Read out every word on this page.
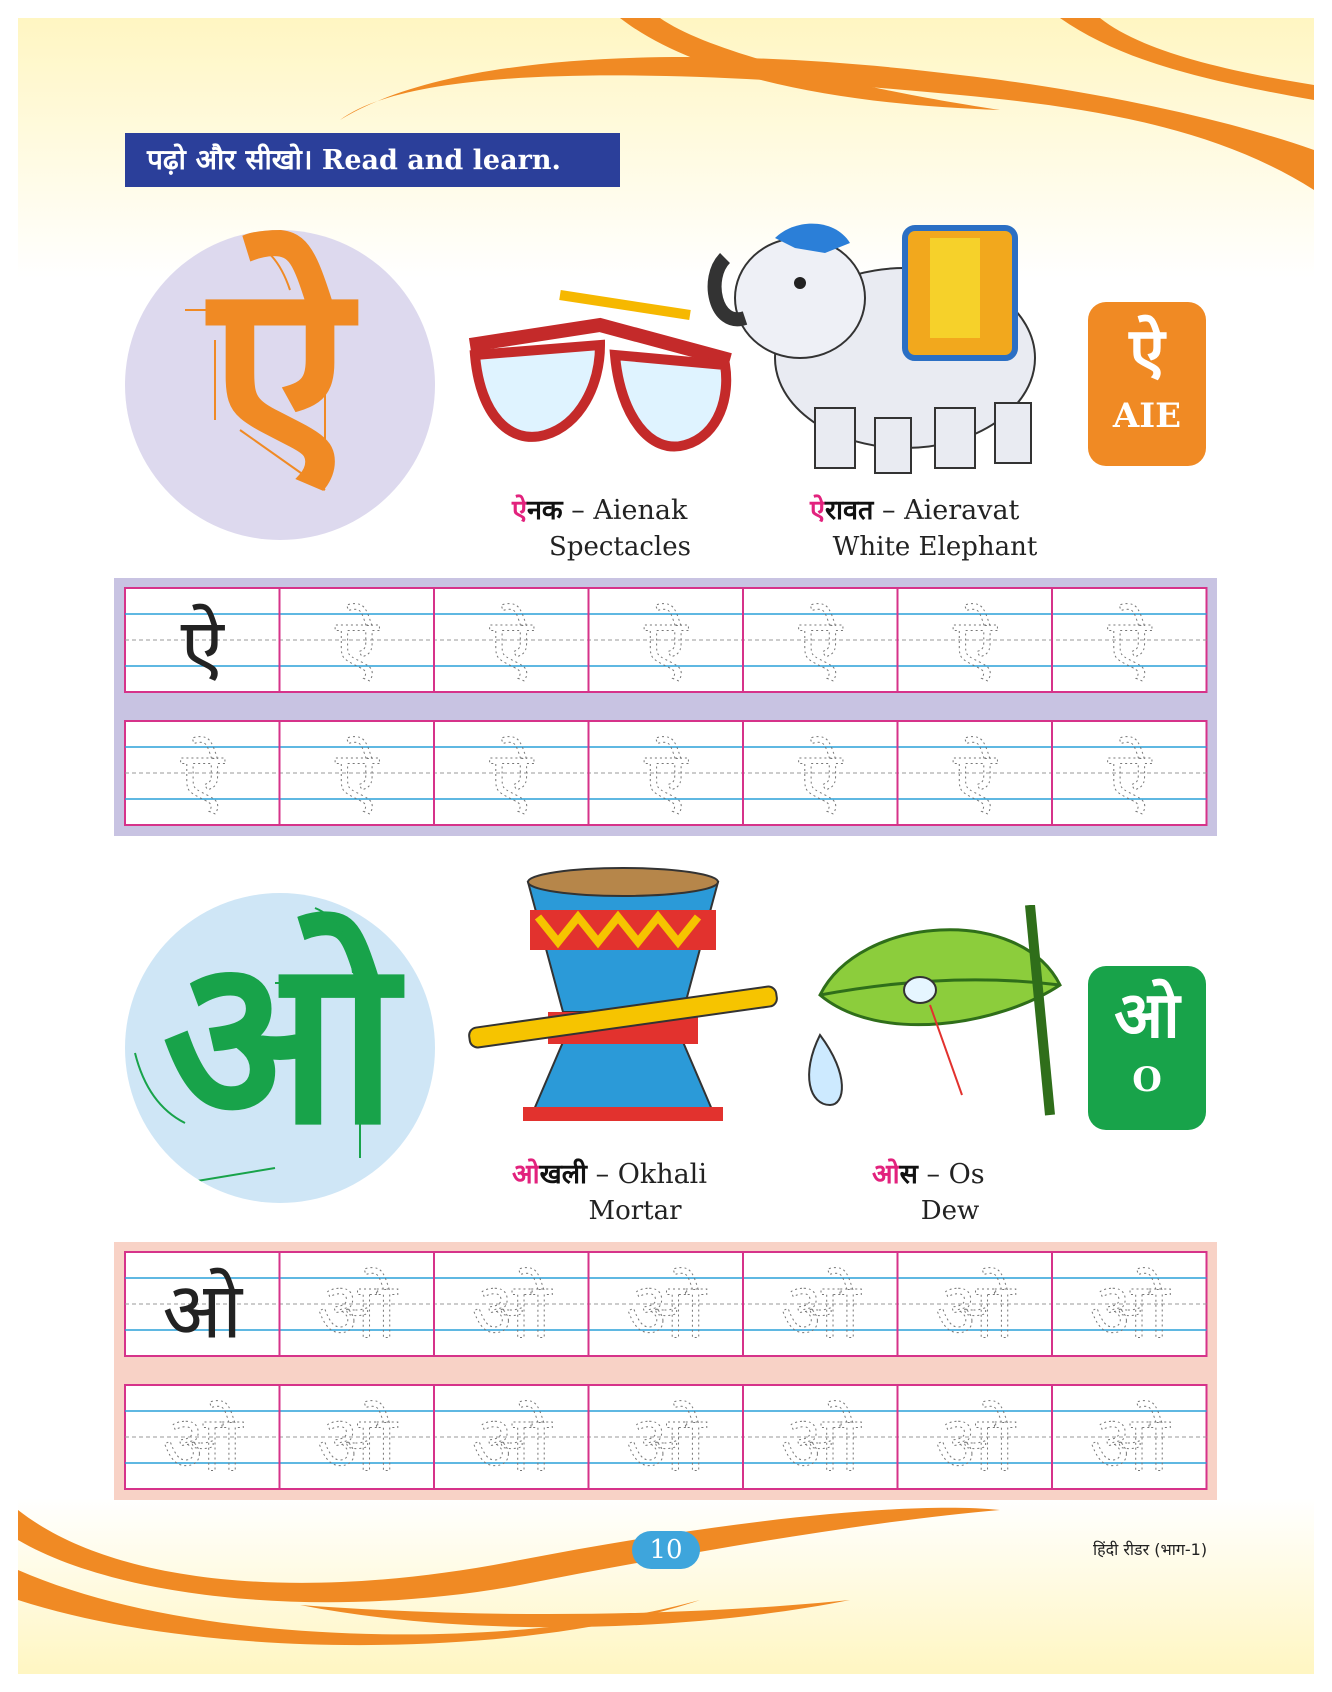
पढ़ो और सीखो। Read and learn.
ऐ	ऐ
AIE
ऐनक – Aienak
Spectacles
ऐरावत – Aieravat
White Elephant
ऐ ऐ ऐ ऐ ऐ ऐ ऐ
ऐ ऐ ऐ ऐ ऐ ऐ ऐ
ओ	ओ
O
ओखली – Okhali
Mortar
ओस – Os
Dew
ओ ओ ओ ओ ओ ओ ओ
ओ ओ ओ ओ ओ ओ ओ
10	हिंदी रीडर (भाग-1)
